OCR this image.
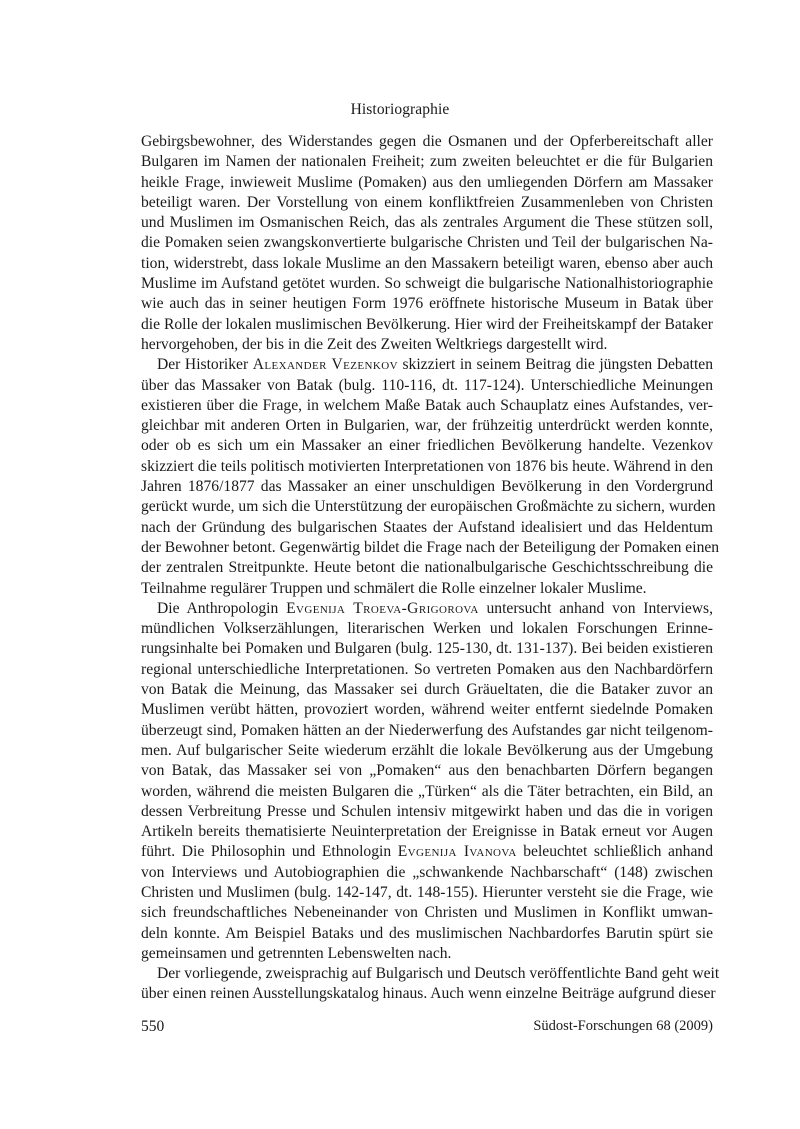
Historiographie
Gebirgsbewohner, des Widerstandes gegen die Osmanen und der Opferbereitschaft aller
Bulgaren im Namen der nationalen Freiheit; zum zweiten beleuchtet er die für Bulgarien
heikle Frage, inwieweit Muslime (Pomaken) aus den umliegenden Dörfern am Massaker
beteiligt waren. Der Vorstellung von einem konfliktfreien Zusammenleben von Christen
und Muslimen im Osmanischen Reich, das als zentrales Argument die These stützen soll,
die Pomaken seien zwangskonvertierte bulgarische Christen und Teil der bulgarischen Na-
tion, widerstrebt, dass lokale Muslime an den Massakern beteiligt waren, ebenso aber auch
Muslime im Aufstand getötet wurden. So schweigt die bulgarische Nationalhistoriographie
wie auch das in seiner heutigen Form 1976 eröffnete historische Museum in Batak über
die Rolle der lokalen muslimischen Bevölkerung. Hier wird der Freiheitskampf der Bataker
hervorgehoben, der bis in die Zeit des Zweiten Weltkriegs dargestellt wird.
Der Historiker Alexander Vezenkov skizziert in seinem Beitrag die jüngsten Debatten
über das Massaker von Batak (bulg. 110-116, dt. 117-124). Unterschiedliche Meinungen
existieren über die Frage, in welchem Maße Batak auch Schauplatz eines Aufstandes, ver-
gleichbar mit anderen Orten in Bulgarien, war, der frühzeitig unterdrückt werden konnte,
oder ob es sich um ein Massaker an einer friedlichen Bevölkerung handelte. Vezenkov
skizziert die teils politisch motivierten Interpretationen von 1876 bis heute. Während in den
Jahren 1876/1877 das Massaker an einer unschuldigen Bevölkerung in den Vordergrund
gerückt wurde, um sich die Unterstützung der europäischen Großmächte zu sichern, wurden
nach der Gründung des bulgarischen Staates der Aufstand idealisiert und das Heldentum
der Bewohner betont. Gegenwärtig bildet die Frage nach der Beteiligung der Pomaken einen
der zentralen Streitpunkte. Heute betont die nationalbulgarische Geschichtsschreibung die
Teilnahme regulärer Truppen und schmälert die Rolle einzelner lokaler Muslime.
Die Anthropologin Evgenija Troeva-Grigorova untersucht anhand von Interviews,
mündlichen Volkserzählungen, literarischen Werken und lokalen Forschungen Erinne-
rungsinhalte bei Pomaken und Bulgaren (bulg. 125-130, dt. 131-137). Bei beiden existieren
regional unterschiedliche Interpretationen. So vertreten Pomaken aus den Nachbardörfern
von Batak die Meinung, das Massaker sei durch Gräueltaten, die die Bataker zuvor an
Muslimen verübt hätten, provoziert worden, während weiter entfernt siedelnde Pomaken
überzeugt sind, Pomaken hätten an der Niederwerfung des Aufstandes gar nicht teilgenom-
men. Auf bulgarischer Seite wiederum erzählt die lokale Bevölkerung aus der Umgebung
von Batak, das Massaker sei von „Pomaken“ aus den benachbarten Dörfern begangen
worden, während die meisten Bulgaren die „Türken“ als die Täter betrachten, ein Bild, an
dessen Verbreitung Presse und Schulen intensiv mitgewirkt haben und das die in vorigen
Artikeln bereits thematisierte Neuinterpretation der Ereignisse in Batak erneut vor Augen
führt. Die Philosophin und Ethnologin Evgenija Ivanova beleuchtet schließlich anhand
von Interviews und Autobiographien die „schwankende Nachbarschaft“ (148) zwischen
Christen und Muslimen (bulg. 142-147, dt. 148-155). Hierunter versteht sie die Frage, wie
sich freundschaftliches Nebeneinander von Christen und Muslimen in Konflikt umwan-
deln konnte. Am Beispiel Bataks und des muslimischen Nachbardorfes Barutin spürt sie
gemeinsamen und getrennten Lebenswelten nach.
Der vorliegende, zweisprachig auf Bulgarisch und Deutsch veröffentlichte Band geht weit
über einen reinen Ausstellungskatalog hinaus. Auch wenn einzelne Beiträge aufgrund dieser
550	Südost-Forschungen 68 (2009)
